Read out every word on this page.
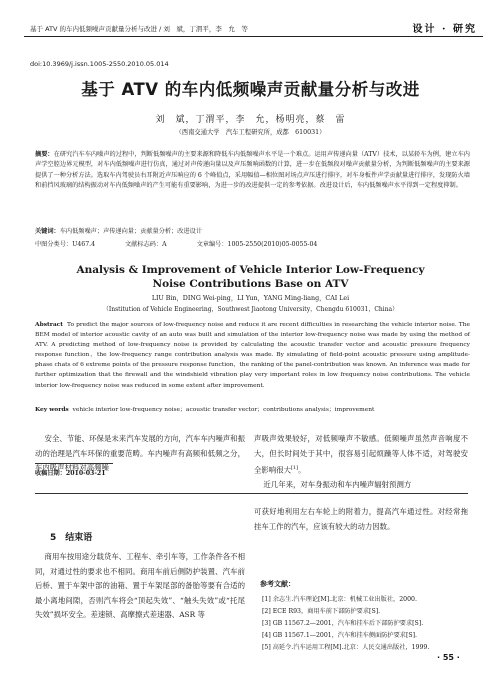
基于 ATV 的车内低频噪声贡献量分析与改进 / 刘　斌，丁渭平，李　允　等	设计 · 研究
doi:10.3969/j.issn.1005-2550.2010.05.014
基于 ATV 的车内低频噪声贡献量分析与改进
刘　斌，丁渭平，李　允，杨明亮，蔡　雷
（西南交通大学　汽车工程研究所，成都　610031）
摘要：在研究汽车车内噪声的过程中，判断低频噪声的主要来源和降低车内低频噪声水平是一个难点。运用声传递向量（ATV）技术，以某轿车为例，建立车内声学空腔边界元模型，对车内低频噪声进行仿真，通过对声传递向量以及声压频响函数的计算，进一步在低频段对噪声贡献量分析，为判断低频噪声的主要来源提供了一种分析方法。选取车内驾驶员右耳附近声压响应的 6 个峰值点，采用幅值—相位图对场点声压进行排序，对车身板件声学贡献量进行排序，发现防火墙和前挡风玻璃的结构振动对车内低频噪声的产生可能有重要影响，为进一步的改进提供一定的参考依据。改进设计后，车内低频噪声水平得到一定程度抑制。
关键词：车内低频噪声；声传递向量；贡献量分析；改进设计
中图分类号：U467.4	文献标志码：A	文章编号：1005-2550(2010)05-0055-04
Analysis & Improvement of Vehicle Interior Low-Frequency
Noise Contributions Base on ATV
LIU Bin，DING Wei-ping，LI Yun，YANG Ming-liang，CAI Lei
（Institution of Vehicle Engineering，Southwest Jiaotong University，Chengdu 610031，China）
Abstract To predict the major sources of low-frequency noise and reduce it are recent difficulties in researching the vehicle interior noise. The BEM model of interior acoustic cavity of an auto was built and simulation of the interior low-frequency noise was made by using the method of ATV. A predicting method of low-frequency noise is provided by calculating the acoustic transfer vector and acoustic pressure frequency response function，the low-frequency range contribution analysis was made. By simulating of field-point acoustic pressure using amplitude-phase chats of 6 extreme points of the pressure response function，the ranking of the panel-contribution was known. An inference was made for further optimization that the firewall and the windshield vibration play very important roles in low frequency noise contributions. The vehicle interior low-frequency noise was reduced in some extent after improvement.
Key words vehicle interior low-frequency noise；acoustic transfer vector；contributions analysis；improvement
安全、节能、环保是未来汽车发展的方向，汽车车内噪声和振动的治理是汽车环保的重要范畴。车内噪声有高频和低频之分，车内吸声材料对高频噪
收稿日期：2010-03-21
声吸声效果较好，对低频噪声不敏感。低频噪声虽然声音响度不大，但长时间处于其中，很容易引起烦躁等人体不适，对驾驶安全影响很大[1]。
近几年来，对车身振动和车内噪声辐射预测方
可获好地利用左右车轮上的附着力，提高汽车通过性。对经常拖挂车工作的汽车，应该有较大的动力因数。
5　结束语
商用车按用途分载货车、工程车、牵引车等，工作条件各不相同，对通过性的要求也不相同。商用车前后侧防护装置、汽车前后桥、置于车架中部的油箱、置于车架尾部的备胎等要有合适的最小离地间隙，否则汽车将会“顶起失效”、“触头失效”或“托尾失效”损坏安全。差速锁、高摩擦式差速器、ASR 等
参考文献：
[1] 余志生.汽车理论[M].北京：机械工业出版社，2000.
[2] ECE R93，商用车前下部防护要求[S].
[3] GB 11567.2—2001，汽车和挂车后下部防护要求[S].
[4] GB 11567.1—2001，汽车和挂车侧面防护要求[S].
[5] 高延令.汽车运用工程[M].北京：人民交通出版社，1999.
· 55 ·
